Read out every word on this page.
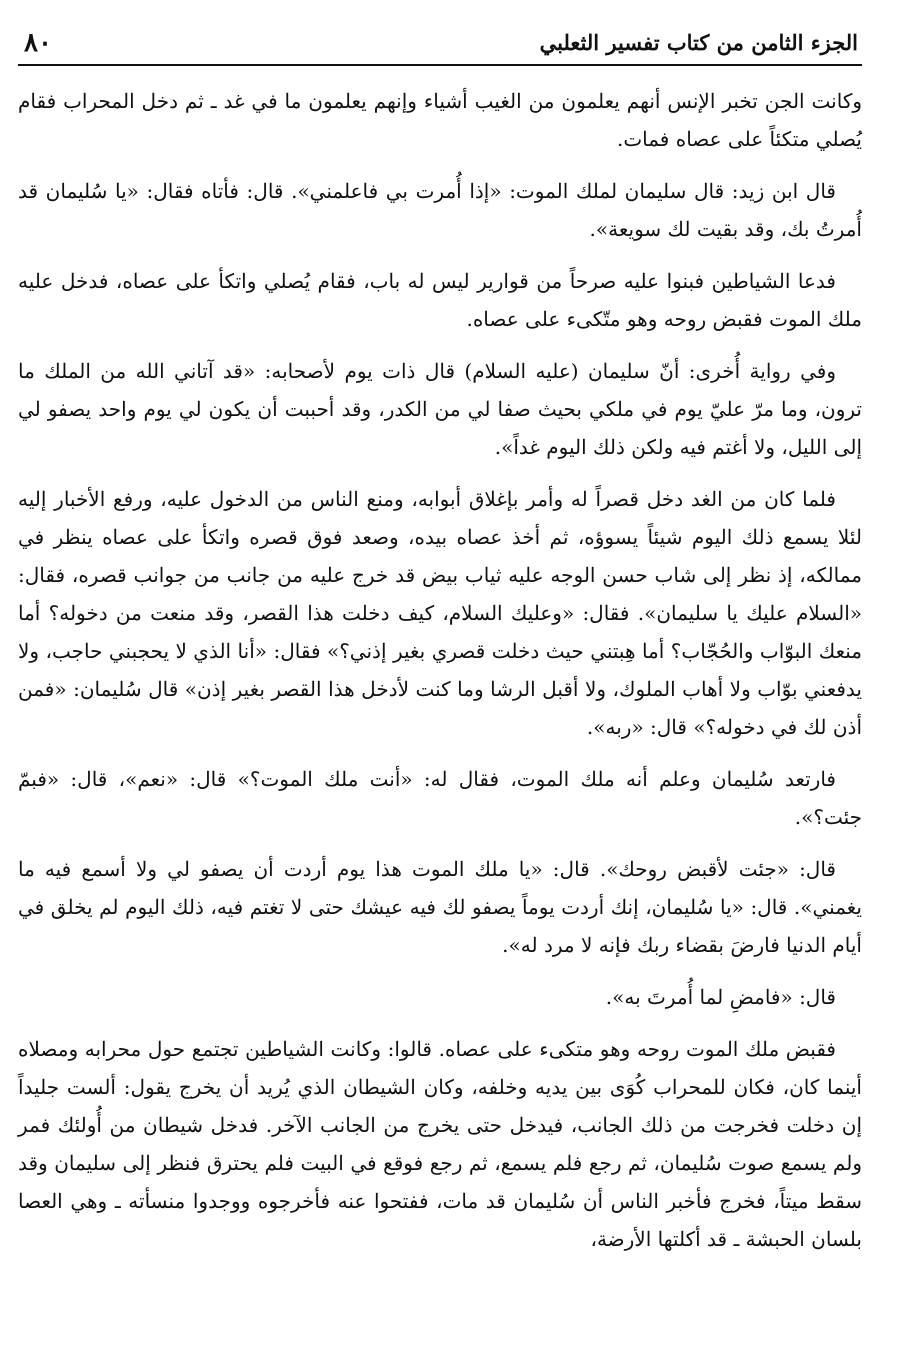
٨٠	الجزء الثامن من كتاب تفسير الثعلبي

وكانت الجن تخبر الإنس أنهم يعلمون من الغيب أشياء وإنهم يعلمون ما في غد ـ ثم دخل المحراب فقام يُصلي متكئاً على عصاه فمات.

قال ابن زيد: قال سليمان لملك الموت: «إذا أُمرت بي فاعلمني». قال: فأتاه فقال: «يا سُليمان قد أُمرتُ بك، وقد بقيت لك سويعة».

فدعا الشياطين فبنوا عليه صرحاً من قوارير ليس له باب، فقام يُصلي واتكأ على عصاه، فدخل عليه ملك الموت فقبض روحه وهو متّكىء على عصاه.

وفي رواية أُخرى: أنّ سليمان (عليه السلام) قال ذات يوم لأصحابه: «قد آتاني الله من الملك ما ترون، وما مرّ عليّ يوم في ملكي بحيث صفا لي من الكدر، وقد أحببت أن يكون لي يوم واحد يصفو لي إلى الليل، ولا أغتم فيه ولكن ذلك اليوم غداً».

فلما كان من الغد دخل قصراً له وأمر بإغلاق أبوابه، ومنع الناس من الدخول عليه، ورفع الأخبار إليه لئلا يسمع ذلك اليوم شيئاً يسوؤه، ثم أخذ عصاه بيده، وصعد فوق قصره واتكأ على عصاه ينظر في ممالكه، إذ نظر إلى شاب حسن الوجه عليه ثياب بيض قد خرج عليه من جانب من جوانب قصره، فقال: «السلام عليك يا سليمان». فقال: «وعليك السلام، كيف دخلت هذا القصر، وقد منعت من دخوله؟ أما منعك البوّاب والحُجّاب؟ أما هِبتني حيث دخلت قصري بغير إذني؟» فقال: «أنا الذي لا يحجبني حاجب، ولا يدفعني بوّاب ولا أهاب الملوك، ولا أقبل الرشا وما كنت لأدخل هذا القصر بغير إذن» قال سُليمان: «فمن أذن لك في دخوله؟» قال: «ربه».

فارتعد سُليمان وعلم أنه ملك الموت، فقال له: «أنت ملك الموت؟» قال: «نعم»، قال: «فبمّ جئت؟».

قال: «جئت لأقبض روحك». قال: «يا ملك الموت هذا يوم أردت أن يصفو لي ولا أسمع فيه ما يغمني». قال: «يا سُليمان، إنك أردت يوماً يصفو لك فيه عيشك حتى لا تغتم فيه، ذلك اليوم لم يخلق في أيام الدنيا فارضَ بقضاء ربك فإنه لا مرد له».

قال: «فامضِ لما أُمرتَ به».

فقبض ملك الموت روحه وهو متكىء على عصاه. قالوا: وكانت الشياطين تجتمع حول محرابه ومصلاه أينما كان، فكان للمحراب كُوَى بين يديه وخلفه، وكان الشيطان الذي يُريد أن يخرج يقول: ألست جليداً إن دخلت فخرجت من ذلك الجانب، فيدخل حتى يخرج من الجانب الآخر. فدخل شيطان من أُولئك فمر ولم يسمع صوت سُليمان، ثم رجع فلم يسمع، ثم رجع فوقع في البيت فلم يحترق فنظر إلى سليمان وقد سقط ميتاً، فخرج فأخبر الناس أن سُليمان قد مات، ففتحوا عنه فأخرجوه ووجدوا منسأته ـ وهي العصا بلسان الحبشة ـ قد أكلتها الأرضة،
